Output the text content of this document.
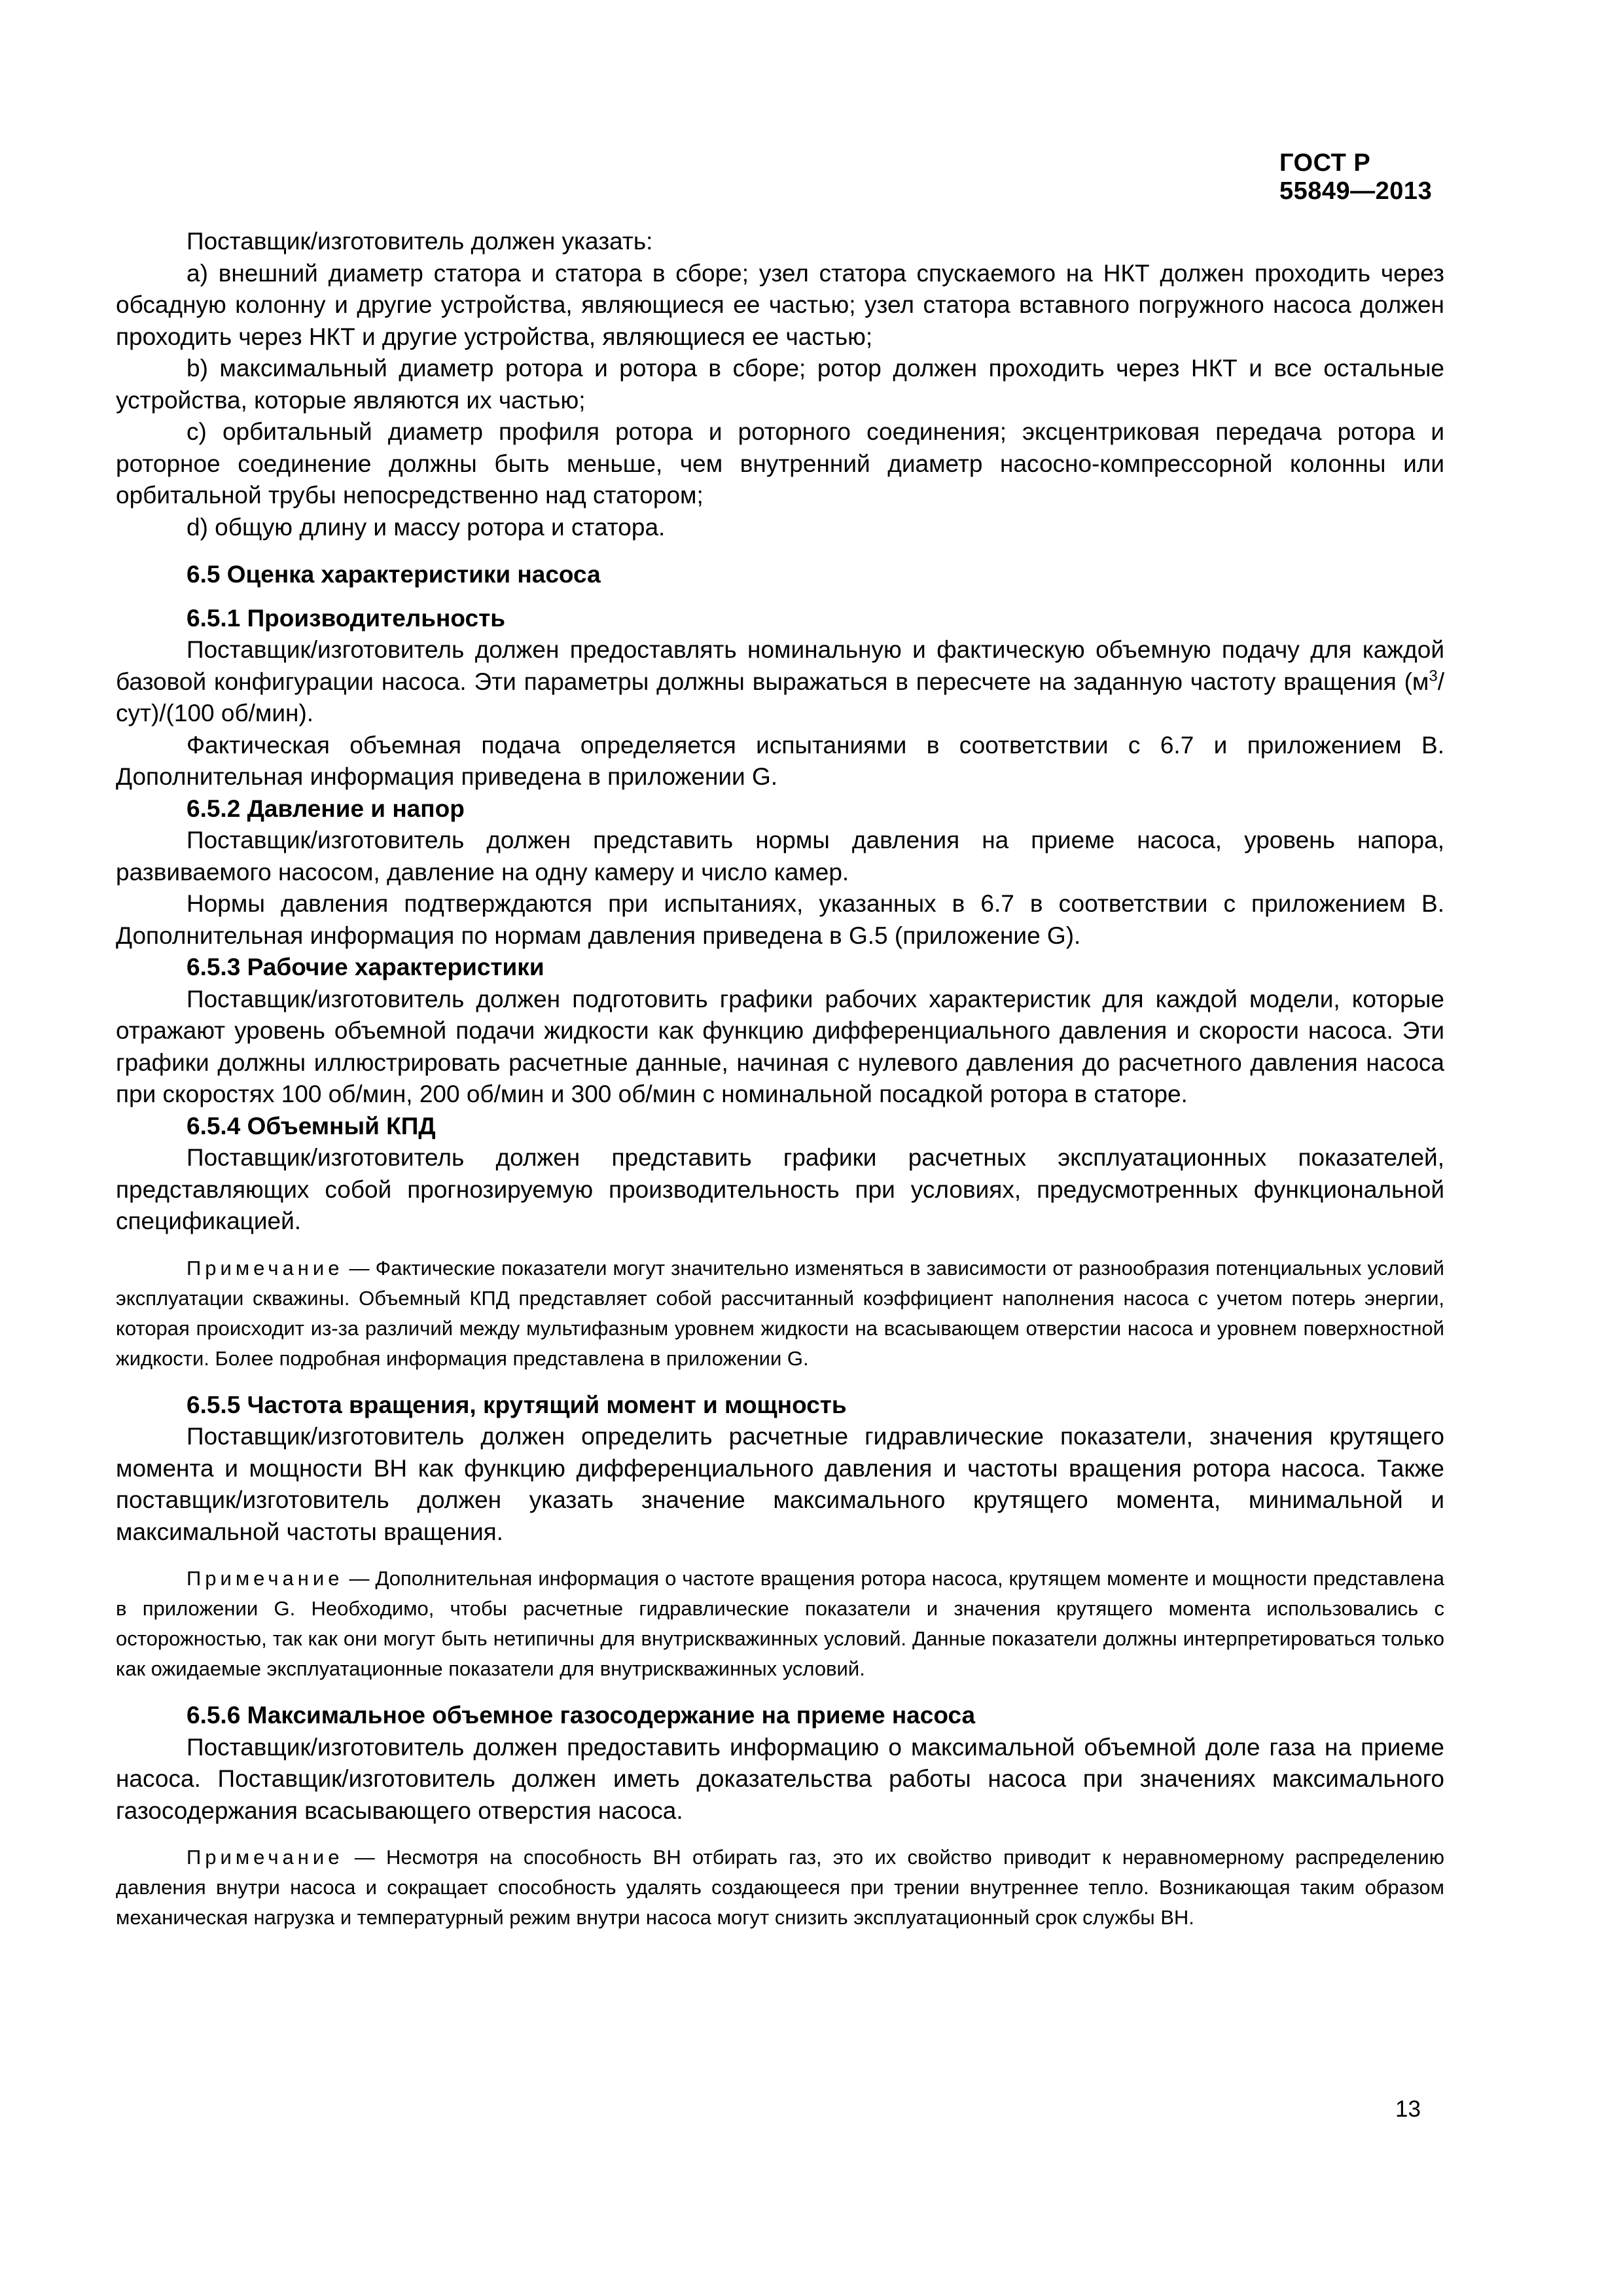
ГОСТ Р 55849—2013

Поставщик/изготовитель должен указать:

а) внешний диаметр статора и статора в сборе; узел статора спускаемого на НКТ должен проходить через обсадную колонну и другие устройства, являющиеся ее частью; узел статора вставного погружного насоса должен проходить через НКТ и другие устройства, являющиеся ее частью;

b) максимальный диаметр ротора и ротора в сборе; ротор должен проходить через НКТ и все остальные устройства, которые являются их частью;

с) орбитальный диаметр профиля ротора и роторного соединения; эксцентриковая передача ротора и роторное соединение должны быть меньше, чем внутренний диаметр насосно-компрессорной колонны или орбитальной трубы непосредственно над статором;

d) общую длину и массу ротора и статора.

6.5 Оценка характеристики насоса
6.5.1 Производительность

Поставщик/изготовитель должен предоставлять номинальную и фактическую объемную подачу для каждой базовой конфигурации насоса. Эти параметры должны выражаться в пересчете на заданную частоту вращения $(м^3/сут)/(100$ об/мин).

Фактическая объемная подача определяется испытаниями в соответствии с 6.7 и приложением В. Дополнительная информация приведена в приложении G.

6.5.2 Давление и напор

Поставщик/изготовитель должен представить нормы давления на приеме насоса, уровень напора, развиваемого насосом, давление на одну камеру и число камер.

Нормы давления подтверждаются при испытаниях, указанных в 6.7 в соответствии с приложением В. Дополнительная информация по нормам давления приведена в G.5 (приложение G).

6.5.3 Рабочие характеристики

Поставщик/изготовитель должен подготовить графики рабочих характеристик для каждой модели, которые отражают уровень объемной подачи жидкости как функцию дифференциального давления и скорости насоса. Эти графики должны иллюстрировать расчетные данные, начиная с нулевого давления до расчетного давления насоса при скоростях 100 об/мин, 200 об/мин и 300 об/мин с номинальной посадкой ротора в статоре.

6.5.4 Объемный КПД

Поставщик/изготовитель должен представить графики расчетных эксплуатационных показателей, представляющих собой прогнозируемую производительность при условиях, предусмотренных функциональной спецификацией.

Примечание — Фактические показатели могут значительно изменяться в зависимости от разнообразия потенциальных условий эксплуатации скважины. Объемный КПД представляет собой рассчитанный коэффициент наполнения насоса с учетом потерь энергии, которая происходит из-за различий между мультифазным уровнем жидкости на всасывающем отверстии насоса и уровнем поверхностной жидкости. Более подробная информация представлена в приложении G.

6.5.5 Частота вращения, крутящий момент и мощность

Поставщик/изготовитель должен определить расчетные гидравлические показатели, значения крутящего момента и мощности ВН как функцию дифференциального давления и частоты вращения ротора насоса. Также поставщик/изготовитель должен указать значение максимального крутящего момента, минимальной и максимальной частоты вращения.

Примечание — Дополнительная информация о частоте вращения ротора насоса, крутящем моменте и мощности представлена в приложении G. Необходимо, чтобы расчетные гидравлические показатели и значения крутящего момента использовались с осторожностью, так как они могут быть нетипичны для внутрискважинных условий. Данные показатели должны интерпретироваться только как ожидаемые эксплуатационные показатели для внутрискважинных условий.

6.5.6 Максимальное объемное газосодержание на приеме насоса

Поставщик/изготовитель должен предоставить информацию о максимальной объемной доле газа на приеме насоса. Поставщик/изготовитель должен иметь доказательства работы насоса при значениях максимального газосодержания всасывающего отверстия насоса.

Примечание — Несмотря на способность ВН отбирать газ, это их свойство приводит к неравномерному распределению давления внутри насоса и сокращает способность удалять создающееся при трении внутреннее тепло. Возникающая таким образом механическая нагрузка и температурный режим внутри насоса могут снизить эксплуатационный срок службы ВН.

13
